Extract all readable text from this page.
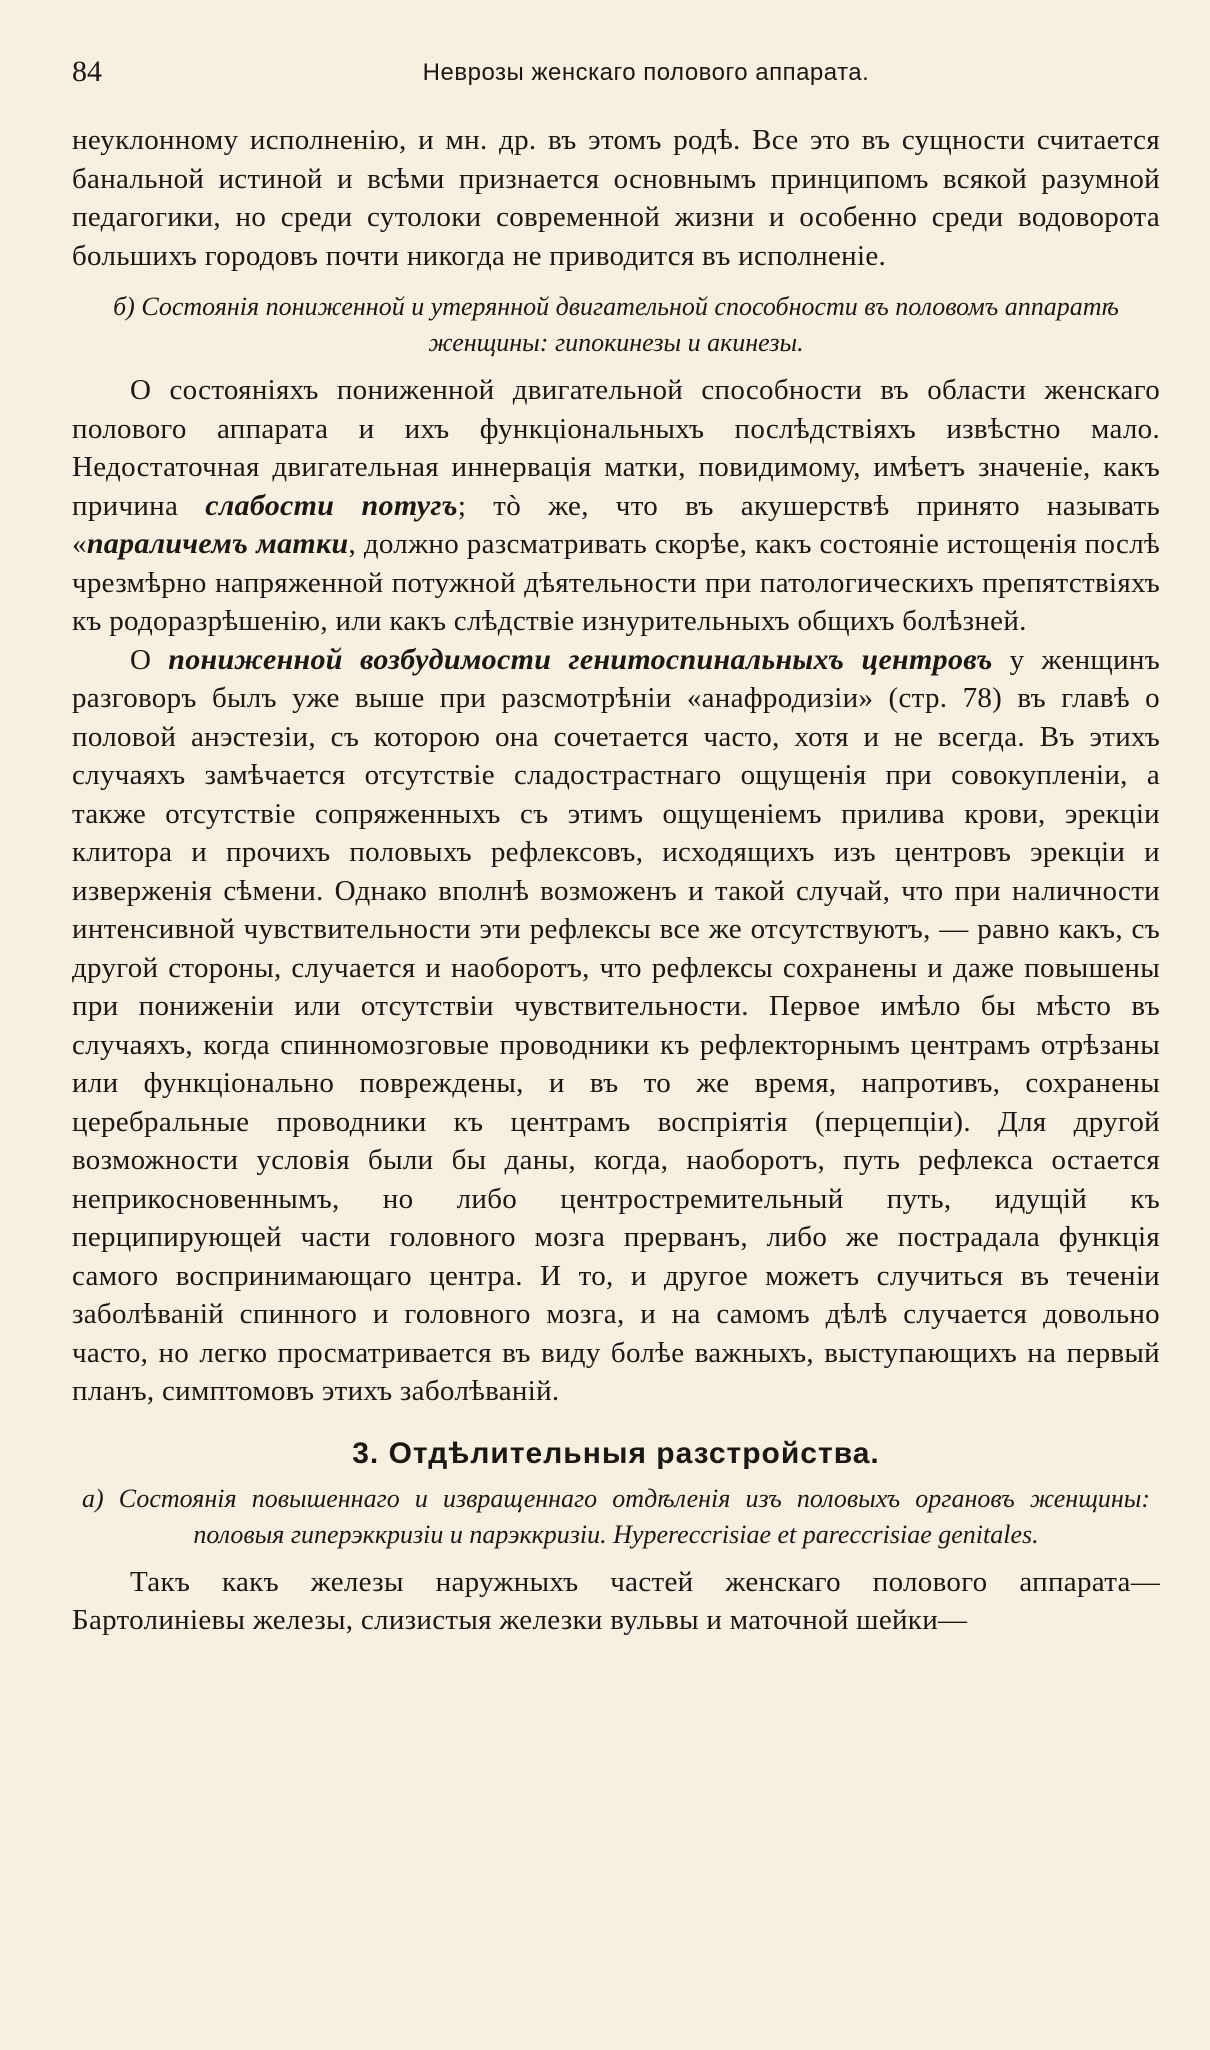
84	Неврозы женскаго полового аппарата.

неуклонному исполненію, и мн. др. въ этомъ родѣ. Все это въ сущности считается банальной истиной и всѣми признается основнымъ принципомъ всякой разумной педагогики, но среди сутолоки современной жизни и особенно среди водоворота большихъ городовъ почти никогда не приводится въ исполненіе.

б) Состоянія пониженной и утерянной двигательной способности въ половомъ аппаратѣ женщины: гипокинезы и акинезы.

О состояніяхъ пониженной двигательной способности въ области женскаго полового аппарата и ихъ функціональныхъ послѣдствіяхъ извѣстно мало. Недостаточная двигательная иннервація матки, повидимому, имѣетъ значеніе, какъ причина слабости потугъ; тò же, что въ акушерствѣ принято называть «параличемъ матки, должно разсматривать скорѣе, какъ состояніе истощенія послѣ чрезмѣрно напряженной потужной дѣятельности при патологическихъ препятствіяхъ къ родоразрѣшенію, или какъ слѣдствіе изнурительныхъ общихъ болѣзней.

О пониженной возбудимости генитоспинальныхъ центровъ у женщинъ разговоръ былъ уже выше при разсмотрѣніи «анафродизіи» (стр. 78) въ главѣ о половой анэстезіи, съ которою она сочетается часто, хотя и не всегда. Въ этихъ случаяхъ замѣчается отсутствіе сладострастнаго ощущенія при совокупленіи, а также отсутствіе сопряженныхъ съ этимъ ощущеніемъ прилива крови, эрекціи клитора и прочихъ половыхъ рефлексовъ, исходящихъ изъ центровъ эрекціи и изверженія сѣмени. Однако вполнѣ возможенъ и такой случай, что при наличности интенсивной чувствительности эти рефлексы все же отсутствуютъ, — равно какъ, съ другой стороны, случается и наоборотъ, что рефлексы сохранены и даже повышены при пониженіи или отсутствіи чувствительности. Первое имѣло бы мѣсто въ случаяхъ, когда спинномозговые проводники къ рефлекторнымъ центрамъ отрѣзаны или функціонально повреждены, и въ то же время, напротивъ, сохранены церебральные проводники къ центрамъ воспріятія (перцепціи). Для другой возможности условія были бы даны, когда, наоборотъ, путь рефлекса остается неприкосновеннымъ, но либо центростремительный путь, идущій къ перципирующей части головного мозга прерванъ, либо же пострадала функція самого воспринимающаго центра. И то, и другое можетъ случиться въ теченіи заболѣваній спинного и головного мозга, и на самомъ дѣлѣ случается довольно часто, но легко просматривается въ виду болѣе важныхъ, выступающихъ на первый планъ, симптомовъ этихъ заболѣваній.

3. Отдѣлительныя разстройства.
а) Состоянія повышеннаго и извращеннаго отдѣленія изъ половыхъ органовъ женщины: половыя гиперэккризіи и парэккризіи. Hypereccrisiae et pareccrisiae genitales.

Такъ какъ железы наружныхъ частей женскаго полового аппарата— Бартолиніевы железы, слизистыя железки вульвы и маточной шейки—
